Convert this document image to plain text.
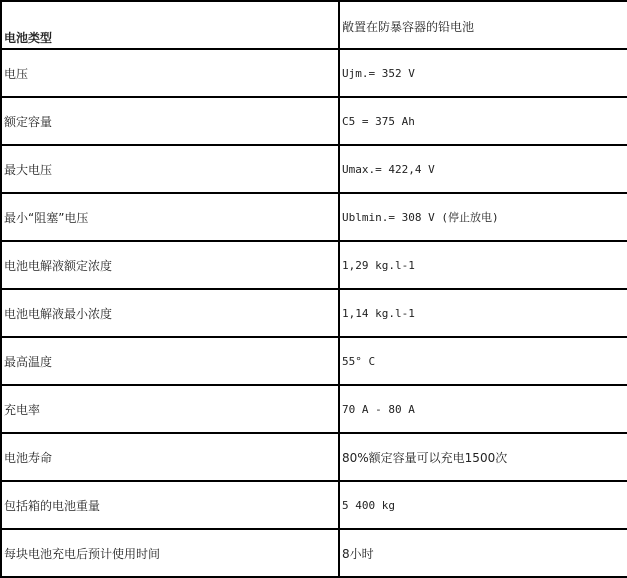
电池类型	敞置在防暴容器的铅电池
电压	Ujm.= 352 V
额定容量	C5 = 375 Ah
最大电压	Umax.= 422,4 V
最小“阻塞”电压	Ublmin.= 308 V (停止放电)
电池电解液额定浓度	1,29 kg.l-1
电池电解液最小浓度	1,14 kg.l-1
最高温度	55° C
充电率	70 A - 80 A
电池寿命	80%额定容量可以充电1500次
包括箱的电池重量	5 400 kg
每块电池充电后预计使用时间	8小时
